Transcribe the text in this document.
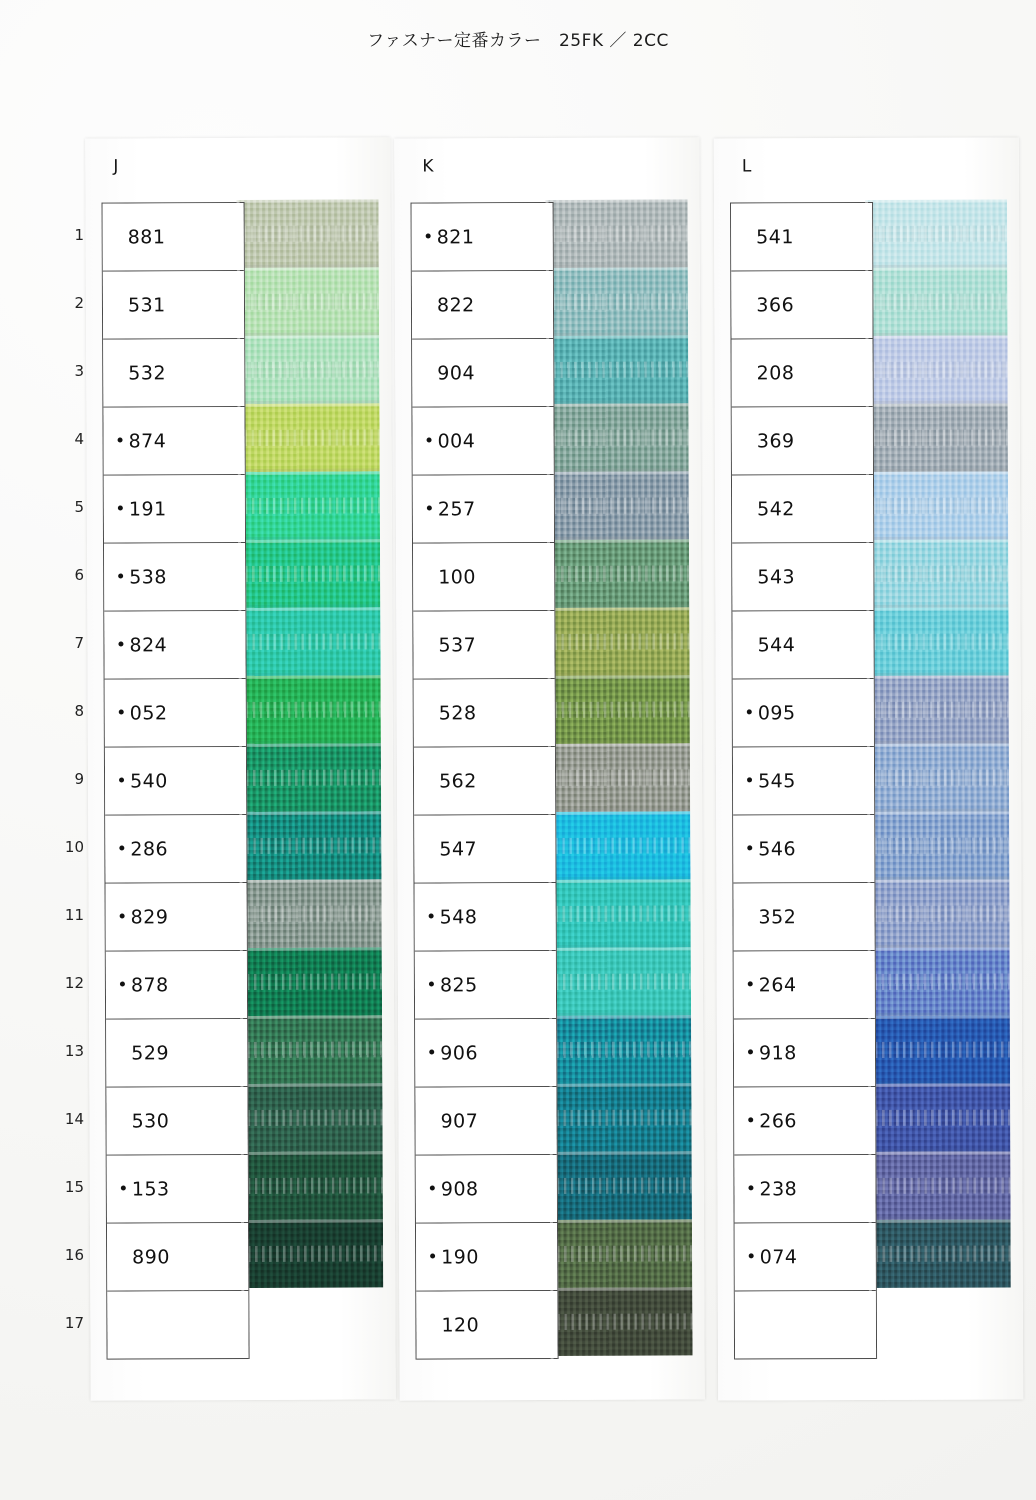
ファスナー定番カラー　25FK ／ 2CC
J
881
531
532
874
191
538
824
052
540
286
829
878
529
530
153
890
K
821
822
904
004
257
100
537
528
562
547
548
825
906
907
908
190
120
L
541
366
208
369
542
543
544
095
545
546
352
264
918
266
238
074
1
2
3
4
5
6
7
8
9
10
11
12
13
14
15
16
17
